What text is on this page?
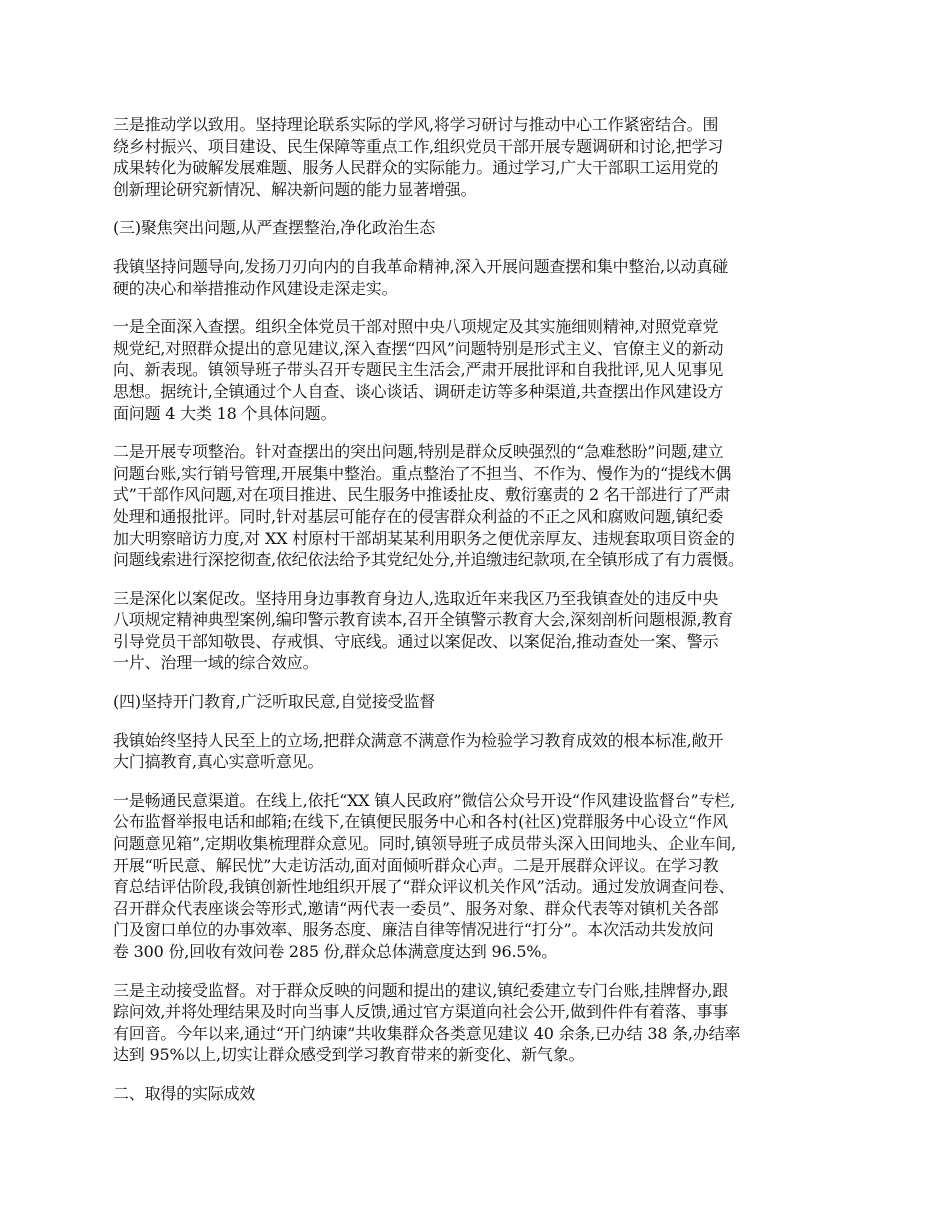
三是推动学以致用。坚持理论联系实际的学风,将学习研讨与推动中心工作紧密结合。围
绕乡村振兴、项目建设、民生保障等重点工作,组织党员干部开展专题调研和讨论,把学习
成果转化为破解发展难题、服务人民群众的实际能力。通过学习,广大干部职工运用党的
创新理论研究新情况、解决新问题的能力显著增强。
(三)聚焦突出问题,从严查摆整治,净化政治生态
我镇坚持问题导向,发扬刀刃向内的自我革命精神,深入开展问题查摆和集中整治,以动真碰
硬的决心和举措推动作风建设走深走实。
一是全面深入查摆。组织全体党员干部对照中央八项规定及其实施细则精神,对照党章党
规党纪,对照群众提出的意见建议,深入查摆“四风”问题特别是形式主义、官僚主义的新动
向、新表现。镇领导班子带头召开专题民主生活会,严肃开展批评和自我批评,见人见事见
思想。据统计,全镇通过个人自查、谈心谈话、调研走访等多种渠道,共查摆出作风建设方
面问题 4 大类 18 个具体问题。
二是开展专项整治。针对查摆出的突出问题,特别是群众反映强烈的“急难愁盼”问题,建立
问题台账,实行销号管理,开展集中整治。重点整治了不担当、不作为、慢作为的“提线木偶
式”干部作风问题,对在项目推进、民生服务中推诿扯皮、敷衍塞责的 2 名干部进行了严肃
处理和通报批评。同时,针对基层可能存在的侵害群众利益的不正之风和腐败问题,镇纪委
加大明察暗访力度,对 XX 村原村干部胡某某利用职务之便优亲厚友、违规套取项目资金的
问题线索进行深挖彻查,依纪依法给予其党纪处分,并追缴违纪款项,在全镇形成了有力震慑。
三是深化以案促改。坚持用身边事教育身边人,选取近年来我区乃至我镇查处的违反中央
八项规定精神典型案例,编印警示教育读本,召开全镇警示教育大会,深刻剖析问题根源,教育
引导党员干部知敬畏、存戒惧、守底线。通过以案促改、以案促治,推动查处一案、警示
一片、治理一域的综合效应。
(四)坚持开门教育,广泛听取民意,自觉接受监督
我镇始终坚持人民至上的立场,把群众满意不满意作为检验学习教育成效的根本标准,敞开
大门搞教育,真心实意听意见。
一是畅通民意渠道。在线上,依托“XX 镇人民政府”微信公众号开设“作风建设监督台”专栏,
公布监督举报电话和邮箱;在线下,在镇便民服务中心和各村(社区)党群服务中心设立“作风
问题意见箱”,定期收集梳理群众意见。同时,镇领导班子成员带头深入田间地头、企业车间,
开展“听民意、解民忧”大走访活动,面对面倾听群众心声。二是开展群众评议。在学习教
育总结评估阶段,我镇创新性地组织开展了“群众评议机关作风”活动。通过发放调查问卷、
召开群众代表座谈会等形式,邀请“两代表一委员”、服务对象、群众代表等对镇机关各部
门及窗口单位的办事效率、服务态度、廉洁自律等情况进行“打分”。本次活动共发放问
卷 300 份,回收有效问卷 285 份,群众总体满意度达到 96.5%。
三是主动接受监督。对于群众反映的问题和提出的建议,镇纪委建立专门台账,挂牌督办,跟
踪问效,并将处理结果及时向当事人反馈,通过官方渠道向社会公开,做到件件有着落、事事
有回音。今年以来,通过“开门纳谏”共收集群众各类意见建议 40 余条,已办结 38 条,办结率
达到 95%以上,切实让群众感受到学习教育带来的新变化、新气象。
二、取得的实际成效
